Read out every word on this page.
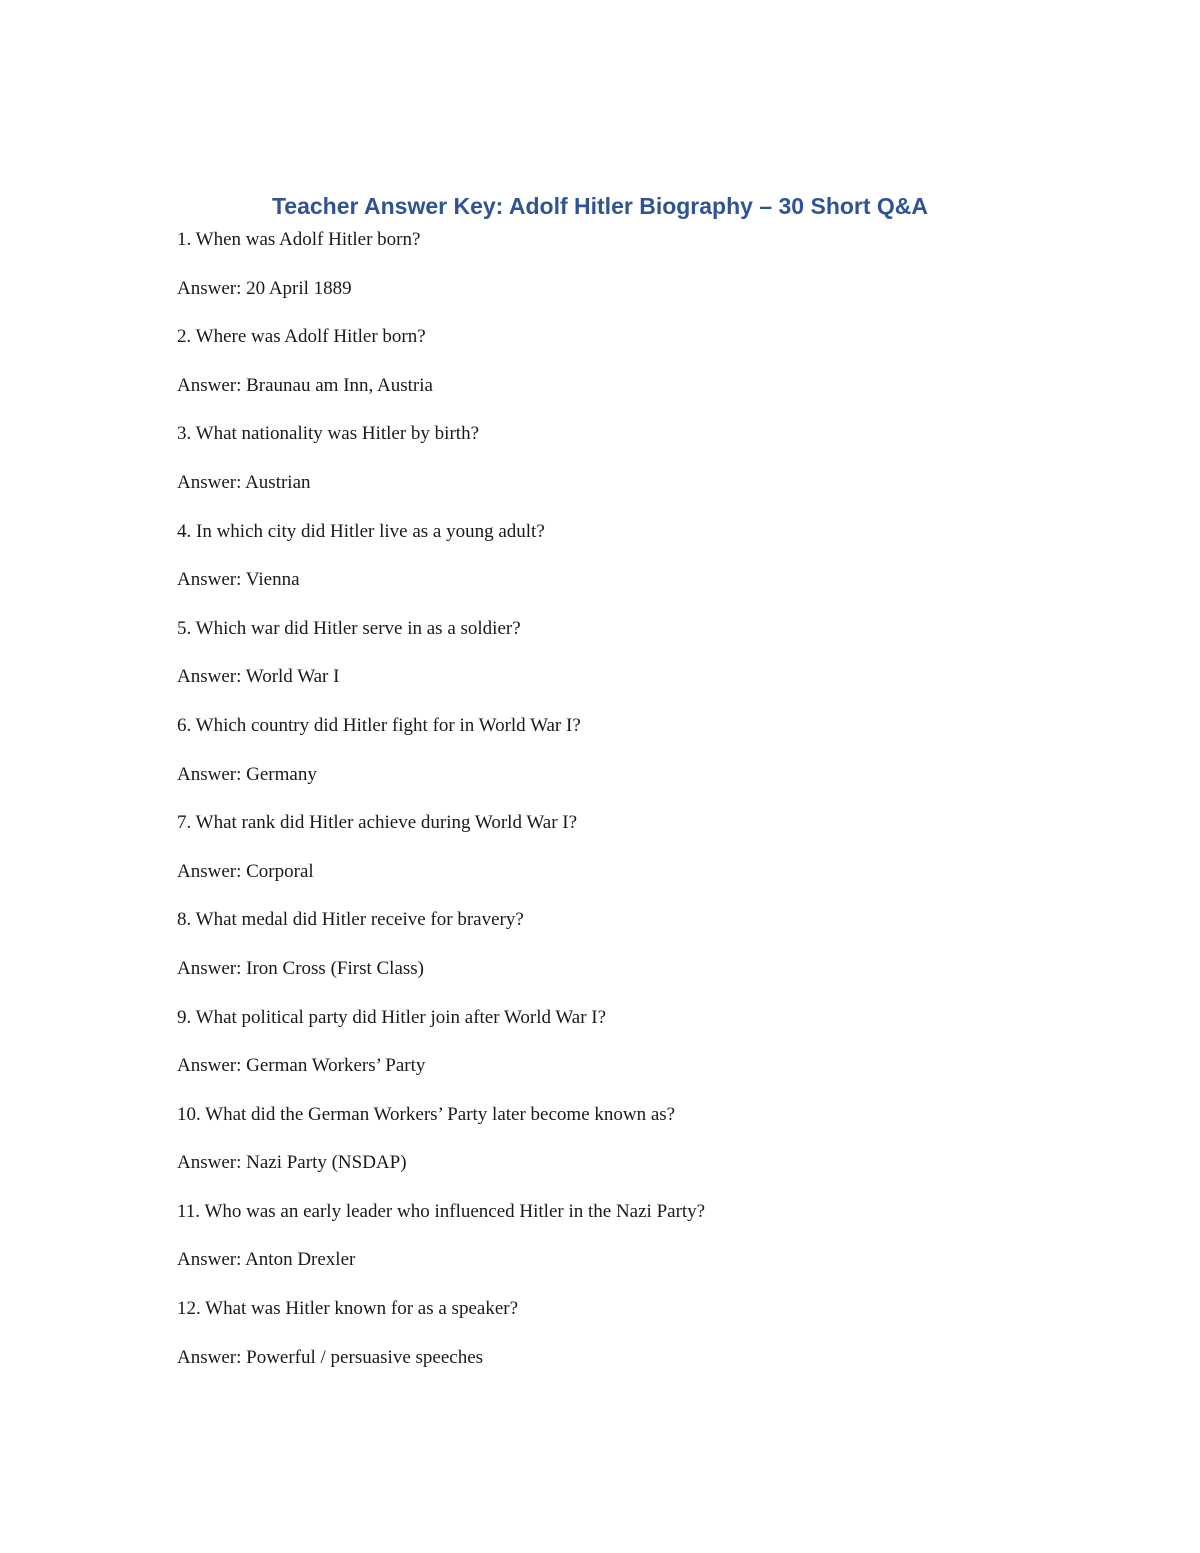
Teacher Answer Key: Adolf Hitler Biography – 30 Short Q&A
1. When was Adolf Hitler born?
Answer: 20 April 1889
2. Where was Adolf Hitler born?
Answer: Braunau am Inn, Austria
3. What nationality was Hitler by birth?
Answer: Austrian
4. In which city did Hitler live as a young adult?
Answer: Vienna
5. Which war did Hitler serve in as a soldier?
Answer: World War I
6. Which country did Hitler fight for in World War I?
Answer: Germany
7. What rank did Hitler achieve during World War I?
Answer: Corporal
8. What medal did Hitler receive for bravery?
Answer: Iron Cross (First Class)
9. What political party did Hitler join after World War I?
Answer: German Workers’ Party
10. What did the German Workers’ Party later become known as?
Answer: Nazi Party (NSDAP)
11. Who was an early leader who influenced Hitler in the Nazi Party?
Answer: Anton Drexler
12. What was Hitler known for as a speaker?
Answer: Powerful / persuasive speeches
